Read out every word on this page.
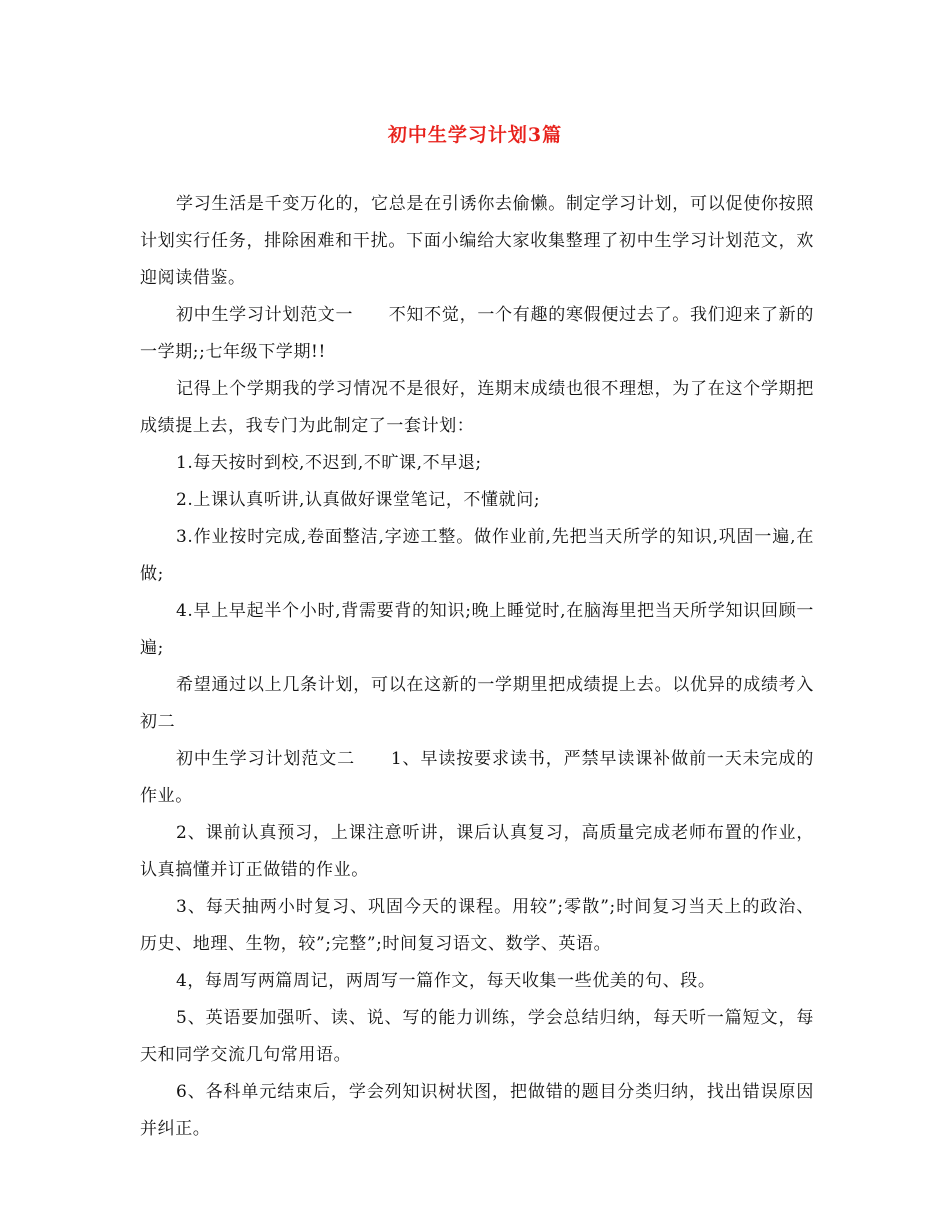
初中生学习计划3篇

学习生活是千变万化的，它总是在引诱你去偷懒。制定学习计划，可以促使你按照计划实行任务，排除困难和干扰。下面小编给大家收集整理了初中生学习计划范文，欢迎阅读借鉴。

初中生学习计划范文一　　不知不觉，一个有趣的寒假便过去了。我们迎来了新的一学期;;七年级下学期!!

记得上个学期我的学习情况不是很好，连期末成绩也很不理想，为了在这个学期把成绩提上去，我专门为此制定了一套计划：

1.每天按时到校,不迟到,不旷课,不早退;

2.上课认真听讲,认真做好课堂笔记，不懂就问;

3.作业按时完成,卷面整洁,字迹工整。做作业前,先把当天所学的知识,巩固一遍,在做;

4.早上早起半个小时,背需要背的知识;晚上睡觉时,在脑海里把当天所学知识回顾一遍;

希望通过以上几条计划，可以在这新的一学期里把成绩提上去。以优异的成绩考入初二

初中生学习计划范文二　　1、早读按要求读书，严禁早读课补做前一天未完成的作业。

2、课前认真预习，上课注意听讲，课后认真复习，高质量完成老师布置的作业，认真搞懂并订正做错的作业。

3、每天抽两小时复习、巩固今天的课程。用较”;零散”;时间复习当天上的政治、历史、地理、生物，较”;完整”;时间复习语文、数学、英语。

4，每周写两篇周记，两周写一篇作文，每天收集一些优美的句、段。

5、英语要加强听、读、说、写的能力训练，学会总结归纳，每天听一篇短文，每天和同学交流几句常用语。

6、各科单元结束后，学会列知识树状图，把做错的题目分类归纳，找出错误原因并纠正。
